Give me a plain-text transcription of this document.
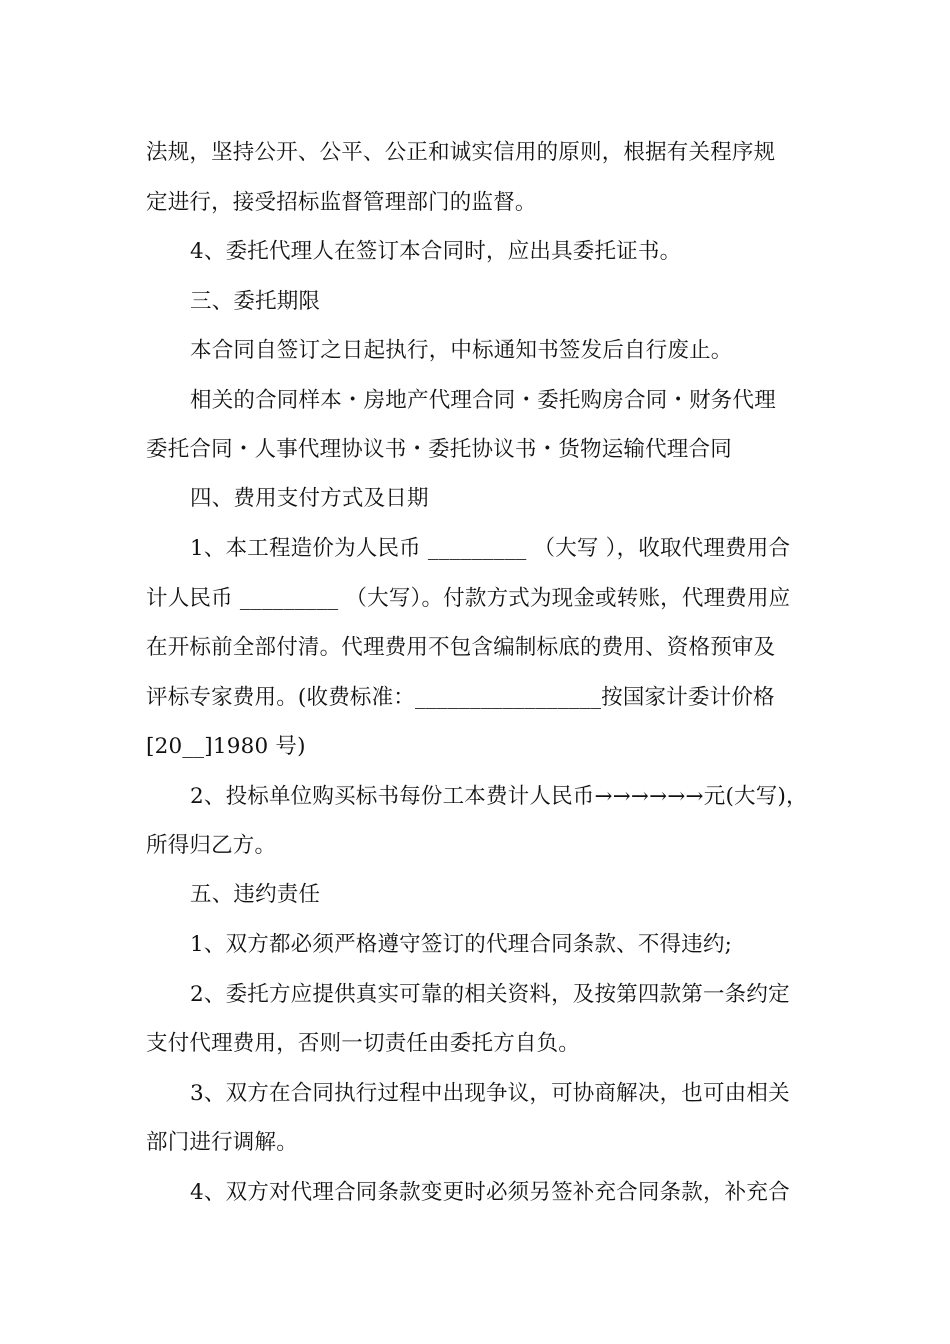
法规，坚持公开、公平、公正和诚实信用的原则，根据有关程序规
定进行，接受招标监督管理部门的监督。
4、委托代理人在签订本合同时，应出具委托证书。
三、委托期限
本合同自签订之日起执行，中标通知书签发后自行废止。
相关的合同样本・房地产代理合同・委托购房合同・财务代理
委托合同・人事代理协议书・委托协议书・货物运输代理合同
四、费用支付方式及日期
1、本工程造价为人民币 _________ （大写 ），收取代理费用合
计人民币 _________ （大写）。付款方式为现金或转账，代理费用应
在开标前全部付清。代理费用不包含编制标底的费用、资格预审及
评标专家费用。(收费标准：_________________按国家计委计价格
[20__]1980 号)
2、投标单位购买标书每份工本费计人民币→→→→→→元(大写)，
所得归乙方。
五、违约责任
1、双方都必须严格遵守签订的代理合同条款、不得违约;
2、委托方应提供真实可靠的相关资料，及按第四款第一条约定
支付代理费用，否则一切责任由委托方自负。
3、双方在合同执行过程中出现争议，可协商解决，也可由相关
部门进行调解。
4、双方对代理合同条款变更时必须另签补充合同条款，补充合
